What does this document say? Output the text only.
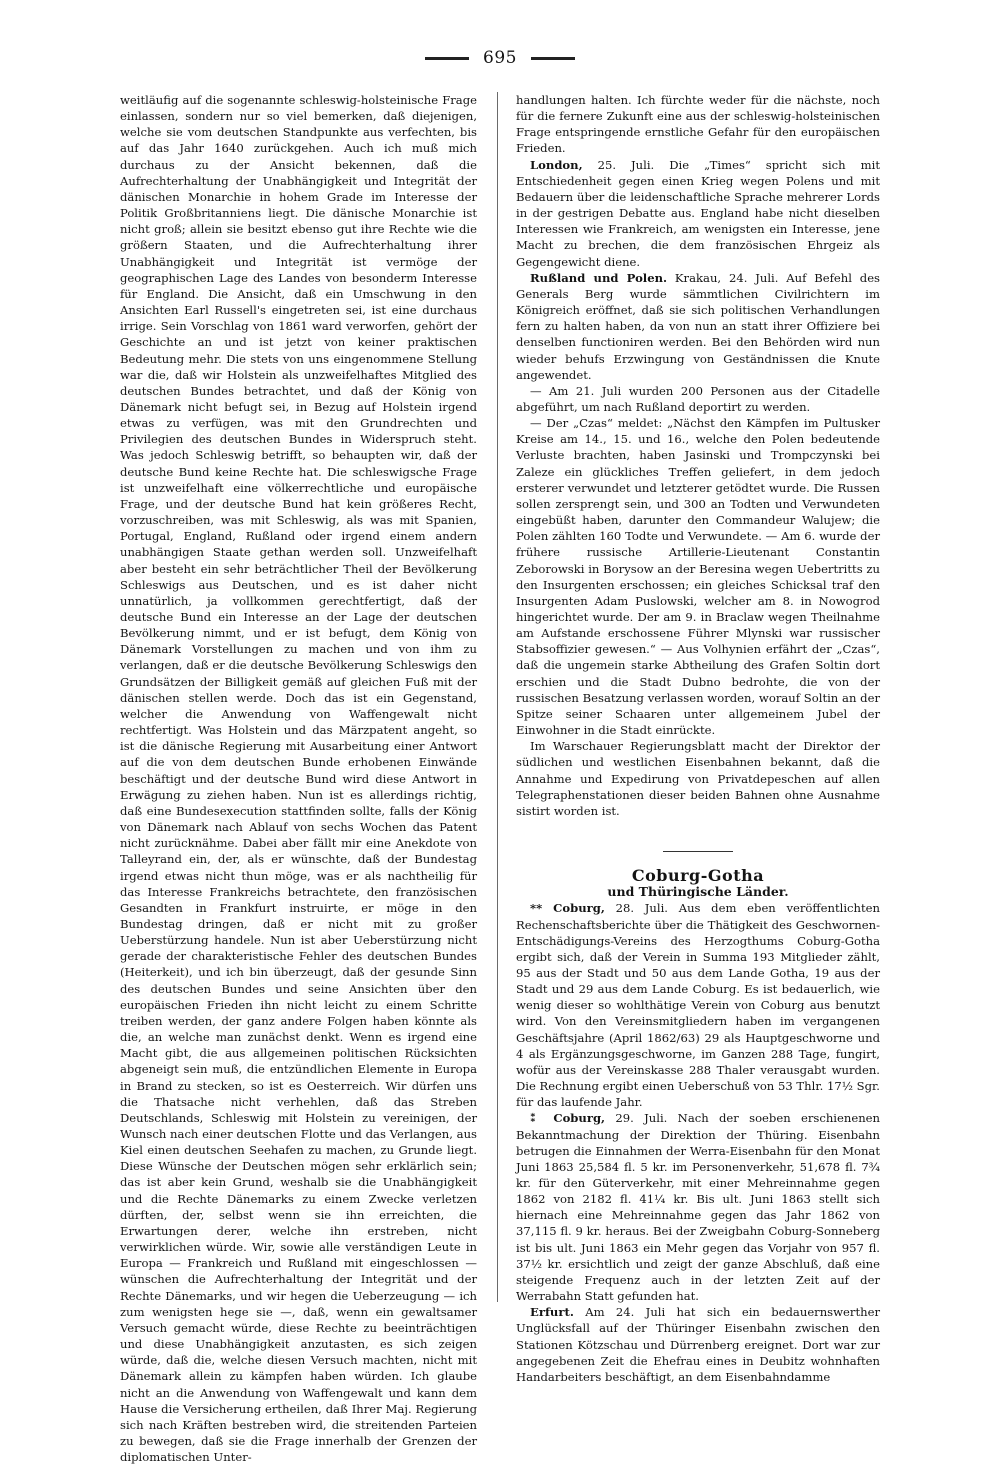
695

weitläufig auf die sogenannte schleswig-holsteinische Frage einlassen, sondern nur so viel bemerken, daß diejenigen, welche sie vom deutschen Standpunkte aus verfechten, bis auf das Jahr 1640 zurückgehen. Auch ich muß mich durchaus zu der Ansicht bekennen, daß die Aufrechterhaltung der Unabhängigkeit und Integrität der dänischen Monarchie in hohem Grade im Interesse der Politik Großbritanniens liegt. Die dänische Monarchie ist nicht groß; allein sie besitzt ebenso gut ihre Rechte wie die größern Staaten, und die Aufrechterhaltung ihrer Unabhängigkeit und Integrität ist vermöge der geographischen Lage des Landes von besonderm Interesse für England. Die Ansicht, daß ein Umschwung in den Ansichten Earl Russell's eingetreten sei, ist eine durchaus irrige. Sein Vorschlag von 1861 ward verworfen, gehört der Geschichte an und ist jetzt von keiner praktischen Bedeutung mehr. Die stets von uns eingenommene Stellung war die, daß wir Holstein als unzweifelhaftes Mitglied des deutschen Bundes betrachtet, und daß der König von Dänemark nicht befugt sei, in Bezug auf Holstein irgend etwas zu verfügen, was mit den Grundrechten und Privilegien des deutschen Bundes in Widerspruch steht. Was jedoch Schleswig betrifft, so behaupten wir, daß der deutsche Bund keine Rechte hat. Die schleswigsche Frage ist unzweifelhaft eine völkerrechtliche und europäische Frage, und der deutsche Bund hat kein größeres Recht, vorzuschreiben, was mit Schleswig, als was mit Spanien, Portugal, England, Rußland oder irgend einem andern unabhängigen Staate gethan werden soll. Unzweifelhaft aber besteht ein sehr beträchtlicher Theil der Bevölkerung Schleswigs aus Deutschen, und es ist daher nicht unnatürlich, ja vollkommen gerechtfertigt, daß der deutsche Bund ein Interesse an der Lage der deutschen Bevölkerung nimmt, und er ist befugt, dem König von Dänemark Vorstellungen zu machen und von ihm zu verlangen, daß er die deutsche Bevölkerung Schleswigs den Grundsätzen der Billigkeit gemäß auf gleichen Fuß mit der dänischen stellen werde. Doch das ist ein Gegenstand, welcher die Anwendung von Waffengewalt nicht rechtfertigt. Was Holstein und das Märzpatent angeht, so ist die dänische Regierung mit Ausarbeitung einer Antwort auf die von dem deutschen Bunde erhobenen Einwände beschäftigt und der deutsche Bund wird diese Antwort in Erwägung zu ziehen haben. Nun ist es allerdings richtig, daß eine Bundesexecution stattfinden sollte, falls der König von Dänemark nach Ablauf von sechs Wochen das Patent nicht zurücknähme. Dabei aber fällt mir eine Anekdote von Talleyrand ein, der, als er wünschte, daß der Bundestag irgend etwas nicht thun möge, was er als nachtheilig für das Interesse Frankreichs betrachtete, den französischen Gesandten in Frankfurt instruirte, er möge in den Bundestag dringen, daß er nicht mit zu großer Ueberstürzung handele. Nun ist aber Ueberstürzung nicht gerade der charakteristische Fehler des deutschen Bundes (Heiterkeit), und ich bin überzeugt, daß der gesunde Sinn des deutschen Bundes und seine Ansichten über den europäischen Frieden ihn nicht leicht zu einem Schritte treiben werden, der ganz andere Folgen haben könnte als die, an welche man zunächst denkt. Wenn es irgend eine Macht gibt, die aus allgemeinen politischen Rücksichten abgeneigt sein muß, die entzündlichen Elemente in Europa in Brand zu stecken, so ist es Oesterreich. Wir dürfen uns die Thatsache nicht verhehlen, daß das Streben Deutschlands, Schleswig mit Holstein zu vereinigen, der Wunsch nach einer deutschen Flotte und das Verlangen, aus Kiel einen deutschen Seehafen zu machen, zu Grunde liegt. Diese Wünsche der Deutschen mögen sehr erklärlich sein; das ist aber kein Grund, weshalb sie die Unabhängigkeit und die Rechte Dänemarks zu einem Zwecke verletzen dürften, der, selbst wenn sie ihn erreichten, die Erwartungen derer, welche ihn erstreben, nicht verwirklichen würde. Wir, sowie alle verständigen Leute in Europa — Frankreich und Rußland mit eingeschlossen — wünschen die Aufrechterhaltung der Integrität und der Rechte Dänemarks, und wir hegen die Ueberzeugung — ich zum wenigsten hege sie —, daß, wenn ein gewaltsamer Versuch gemacht würde, diese Rechte zu beeinträchtigen und diese Unabhängigkeit anzutasten, es sich zeigen würde, daß die, welche diesen Versuch machten, nicht mit Dänemark allein zu kämpfen haben würden. Ich glaube nicht an die Anwendung von Waffengewalt und kann dem Hause die Versicherung ertheilen, daß Ihrer Maj. Regierung sich nach Kräften bestreben wird, die streitenden Parteien zu bewegen, daß sie die Frage innerhalb der Grenzen der diplomatischen Unter-

handlungen halten. Ich fürchte weder für die nächste, noch für die fernere Zukunft eine aus der schleswig-holsteinischen Frage entspringende ernstliche Gefahr für den europäischen Frieden.

London, 25. Juli. Die „Times“ spricht sich mit Entschiedenheit gegen einen Krieg wegen Polens und mit Bedauern über die leidenschaftliche Sprache mehrerer Lords in der gestrigen Debatte aus. England habe nicht dieselben Interessen wie Frankreich, am wenigsten ein Interesse, jene Macht zu brechen, die dem französischen Ehrgeiz als Gegengewicht diene.

Rußland und Polen. Krakau, 24. Juli. Auf Befehl des Generals Berg wurde sämmtlichen Civilrichtern im Königreich eröffnet, daß sie sich politischen Verhandlungen fern zu halten haben, da von nun an statt ihrer Offiziere bei denselben functioniren werden. Bei den Behörden wird nun wieder behufs Erzwingung von Geständnissen die Knute angewendet.

— Am 21. Juli wurden 200 Personen aus der Citadelle abgeführt, um nach Rußland deportirt zu werden.

— Der „Czas“ meldet: „Nächst den Kämpfen im Pultusker Kreise am 14., 15. und 16., welche den Polen bedeutende Verluste brachten, haben Jasinski und Trompczynski bei Zaleze ein glückliches Treffen geliefert, in dem jedoch ersterer verwundet und letzterer getödtet wurde. Die Russen sollen zersprengt sein, und 300 an Todten und Verwundeten eingebüßt haben, darunter den Commandeur Walujew; die Polen zählten 160 Todte und Verwundete. — Am 6. wurde der frühere russische Artillerie-Lieutenant Constantin Zeborowski in Borysow an der Beresina wegen Uebertritts zu den Insurgenten erschossen; ein gleiches Schicksal traf den Insurgenten Adam Puslowski, welcher am 8. in Nowogrod hingerichtet wurde. Der am 9. in Braclaw wegen Theilnahme am Aufstande erschossene Führer Mlynski war russischer Stabsoffizier gewesen.“ — Aus Volhynien erfährt der „Czas“, daß die ungemein starke Abtheilung des Grafen Soltin dort erschien und die Stadt Dubno bedrohte, die von der russischen Besatzung verlassen worden, worauf Soltin an der Spitze seiner Schaaren unter allgemeinem Jubel der Einwohner in die Stadt einrückte.

Im Warschauer Regierungsblatt macht der Direktor der südlichen und westlichen Eisenbahnen bekannt, daß die Annahme und Expedirung von Privatdepeschen auf allen Telegraphenstationen dieser beiden Bahnen ohne Ausnahme sistirt worden ist.

Coburg-Gotha

und Thüringische Länder.

** Coburg, 28. Juli. Aus dem eben veröffentlichten Rechenschaftsberichte über die Thätigkeit des Geschwornen-Entschädigungs-Vereins des Herzogthums Coburg-Gotha ergibt sich, daß der Verein in Summa 193 Mitglieder zählt, 95 aus der Stadt und 50 aus dem Lande Gotha, 19 aus der Stadt und 29 aus dem Lande Coburg. Es ist bedauerlich, wie wenig dieser so wohlthätige Verein von Coburg aus benutzt wird. Von den Vereinsmitgliedern haben im vergangenen Geschäftsjahre (April 1862/63) 29 als Hauptgeschworne und 4 als Ergänzungsgeschworne, im Ganzen 288 Tage, fungirt, wofür aus der Vereinskasse 288 Thaler verausgabt wurden. Die Rechnung ergibt einen Ueberschuß von 53 Thlr. 17½ Sgr. für das laufende Jahr.

⁑ Coburg, 29. Juli. Nach der soeben erschienenen Bekanntmachung der Direktion der Thüring. Eisenbahn betrugen die Einnahmen der Werra-Eisenbahn für den Monat Juni 1863 25,584 fl. 5 kr. im Personenverkehr, 51,678 fl. 7¾ kr. für den Güterverkehr, mit einer Mehreinnahme gegen 1862 von 2182 fl. 41¼ kr. Bis ult. Juni 1863 stellt sich hiernach eine Mehreinnahme gegen das Jahr 1862 von 37,115 fl. 9 kr. heraus. Bei der Zweigbahn Coburg-Sonneberg ist bis ult. Juni 1863 ein Mehr gegen das Vorjahr von 957 fl. 37½ kr. ersichtlich und zeigt der ganze Abschluß, daß eine steigende Frequenz auch in der letzten Zeit auf der Werrabahn Statt gefunden hat.

Erfurt. Am 24. Juli hat sich ein bedauernswerther Unglücksfall auf der Thüringer Eisenbahn zwischen den Stationen Kötzschau und Dürrenberg ereignet. Dort war zur angegebenen Zeit die Ehefrau eines in Deubitz wohnhaften Handarbeiters beschäftigt, an dem Eisenbahndamme
